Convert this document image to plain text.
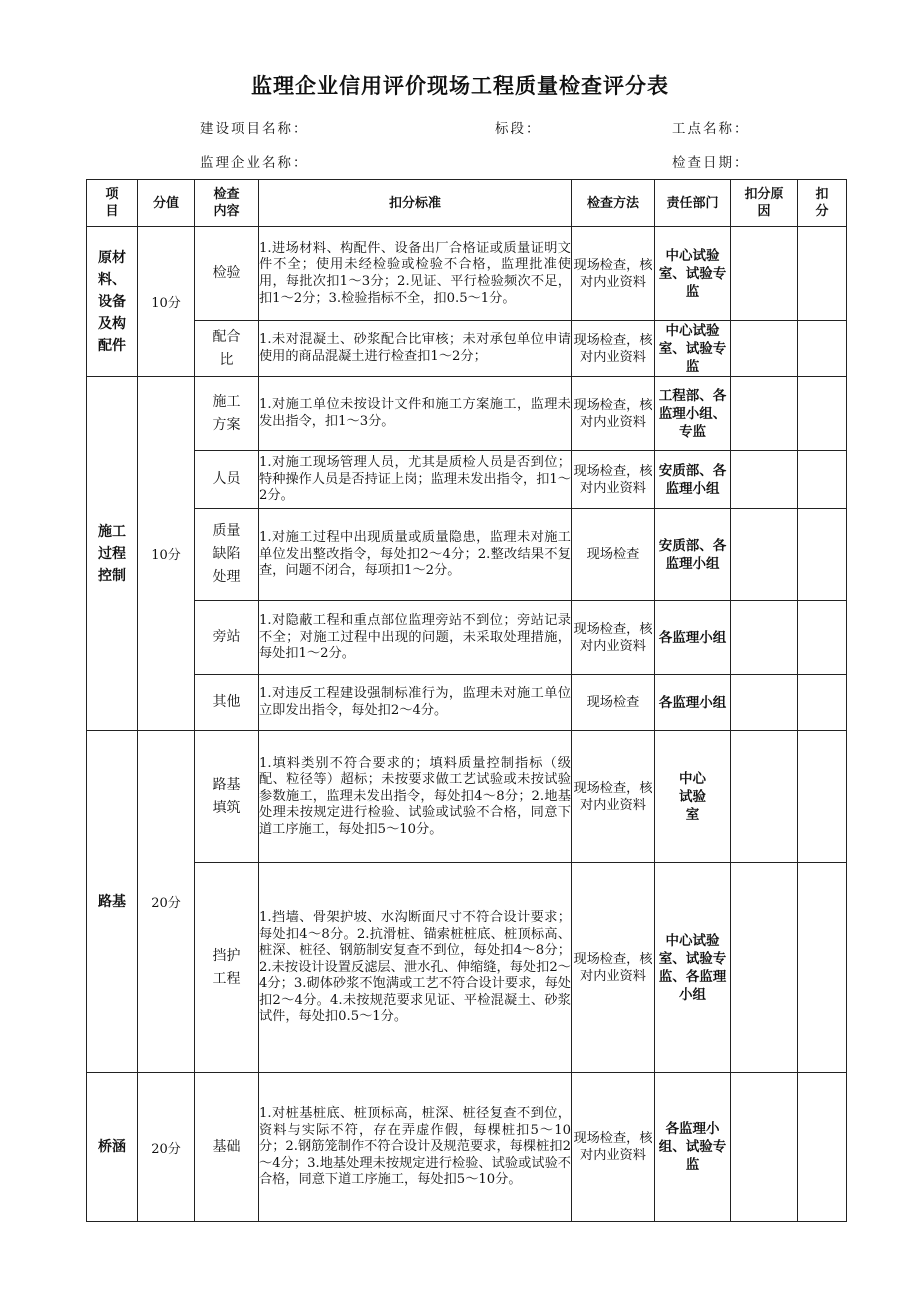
监理企业信用评价现场工程质量检查评分表
建设项目名称：	标段：	工点名称：
监理企业名称：	检查日期：
项目	分值	检查内容	扣分标准	检查方法	责任部门	扣分原因	扣分

原材料、设备及构配件	10分	检验	1.进场材料、构配件、设备出厂合格证或质量证明文件不全；使用未经检验或检验不合格，监理批准使用，每批次扣1～3分；2.见证、平行检验频次不足，扣1～2分；3.检验指标不全，扣0.5～1分。	现场检查，核对内业资料	中心试验室、试验专监		

		配合比	1.未对混凝土、砂浆配合比审核；未对承包单位申请使用的商品混凝土进行检查扣1～2分；	现场检查，核对内业资料	中心试验室、试验专监		

施工过程控制	10分	施工方案	1.对施工单位未按设计文件和施工方案施工，监理未发出指令，扣1～3分。	现场检查，核对内业资料	工程部、各监理小组、专监		
		人员	1.对施工现场管理人员，尤其是质检人员是否到位；特种操作人员是否持证上岗；监理未发出指令，扣1～2分。	现场检查，核对内业资料	安质部、各监理小组		

		质量缺陷处理	1.对施工过程中出现质量或质量隐患，监理未对施工单位发出整改指令，每处扣2～4分；2.整改结果不复查，问题不闭合，每项扣1～2分。	现场检查	安质部、各监理小组		
		旁站	1.对隐蔽工程和重点部位监理旁站不到位；旁站记录不全；对施工过程中出现的问题，未采取处理措施，每处扣1～2分。	现场检查，核对内业资料	各监理小组		
		其他	1.对违反工程建设强制标准行为，监理未对施工单位立即发出指令，每处扣2～4分。	现场检查	各监理小组		
路基	20分	路基填筑	1.填料类别不符合要求的；填料质量控制指标（级配、粒径等）超标；未按要求做工艺试验或未按试验参数施工，监理未发出指令，每处扣4～8分；2.地基处理未按规定进行检验、试验或试验不合格，同意下道工序施工，每处扣5～10分。	现场检查，核对内业资料	中心试验室		

		挡护工程	1.挡墙、骨架护坡、水沟断面尺寸不符合设计要求；每处扣4～8分。2.抗滑桩、锚索桩桩底、桩顶标高、桩深、桩径、钢筋制安复查不到位，每处扣4～8分；2.未按设计设置反滤层、泄水孔、伸缩缝，每处扣2～4分；3.砌体砂浆不饱满或工艺不符合设计要求，每处扣2～4分。4.未按规范要求见证、平检混凝土、砂浆试件，每处扣0.5～1分。	现场检查，核对内业资料	中心试验室、试验专监、各监理小组		
桥涵	20分	基础	1.对桩基桩底、桩顶标高，桩深、桩径复查不到位，资料与实际不符，存在弄虚作假，每棵桩扣5～10分；2.钢筋笼制作不符合设计及规范要求，每棵桩扣2～4分；3.地基处理未按规定进行检验、试验或试验不合格，同意下道工序施工，每处扣5～10分。	现场检查，核对内业资料	各监理小组、试验专监		
